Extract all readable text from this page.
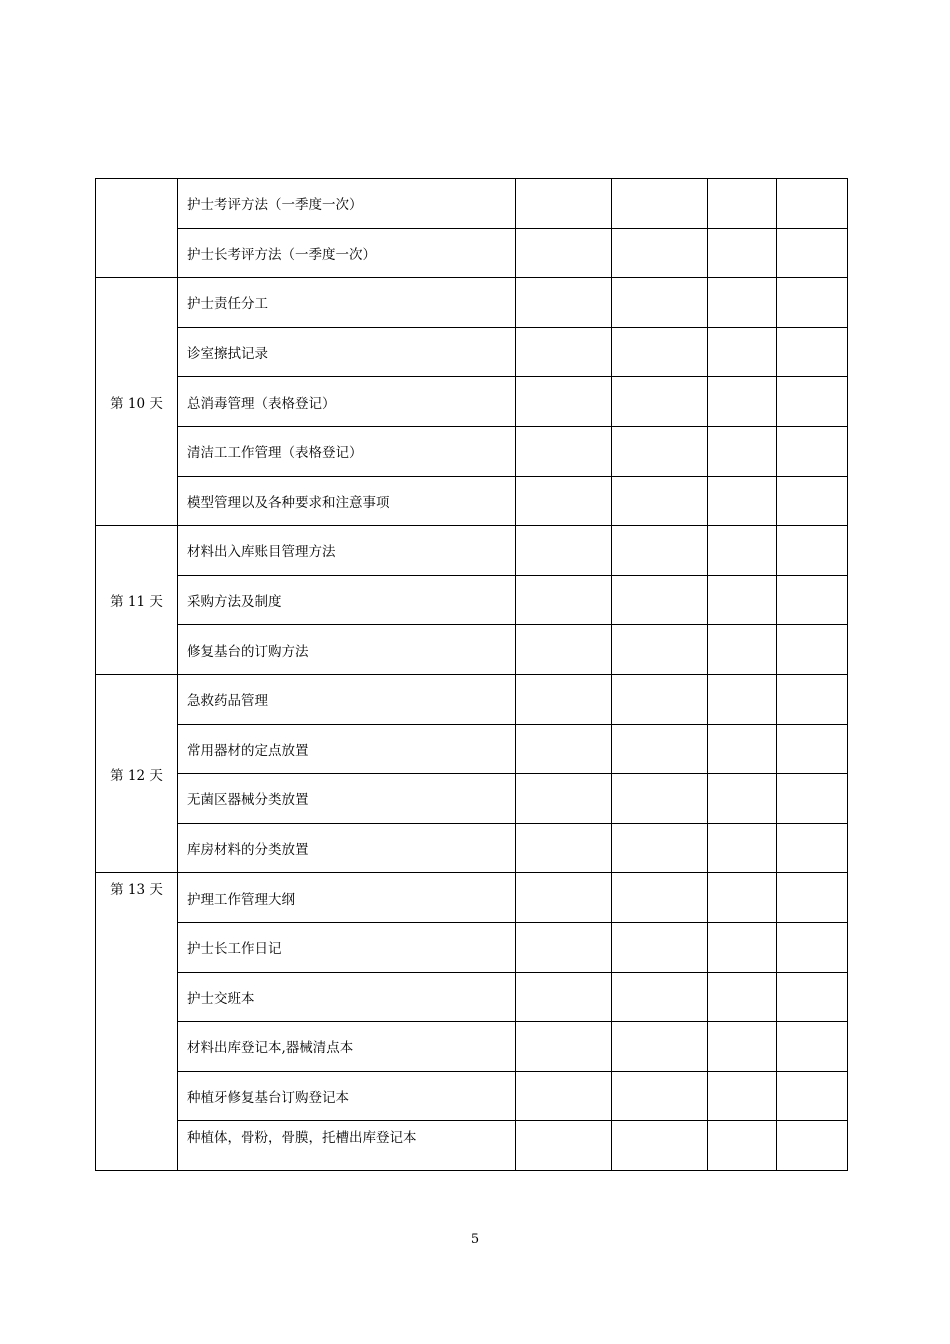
	护士考评方法（一季度一次）				
	护士长考评方法（一季度一次）				
第 10 天	护士责任分工				
	诊室擦拭记录				
	总消毒管理（表格登记）				
	清洁工工作管理（表格登记）				
	模型管理以及各种要求和注意事项				
第 11 天	材料出入库账目管理方法				
	采购方法及制度				
	修复基台的订购方法				
第 12 天	急救药品管理				
	常用器材的定点放置				
	无菌区器械分类放置				
	库房材料的分类放置				
第 13 天	护理工作管理大纲				
	护士长工作日记				
	护士交班本				
	材料出库登记本,器械清点本				
	种植牙修复基台订购登记本				
	种植体，骨粉，骨膜，托槽出库登记本				
5
